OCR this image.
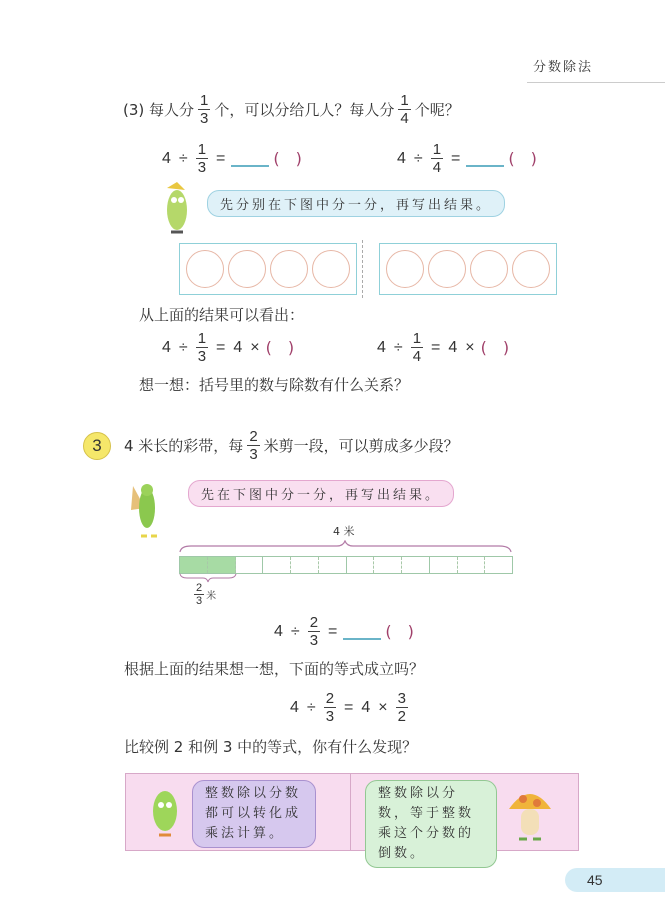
分数除法
(3) 每人分
1
3 个，可以分给几人？每人分
1
4 个呢？
$4 \div \frac{1}{3}$ =	( )	$4 \div \frac{1}{4}$ =	( )
先分别在下图中分一分，再写出结果。
从上面的结果可以看出：
$4 \div \frac{1}{3} = 4$ × ( )	$4 \div \frac{1}{4} = 4$ × ( )
想一想：括号里的数与除数有什么关系？
3	4 米长的彩带，每
2
3 米剪一段，可以剪成多少段？
先在下图中分一分，再写出结果。
4 米
2
3 米
$4 \div \frac{2}{3}$ =	( )
根据上面的结果想一想，下面的等式成立吗？
$4 \div \frac{2}{3} = 4 \times \frac{3}{2}$
比较例 2 和例 3 中的等式，你有什么发现？
整数除以分数都可以转化成乘法计算。
整数除以分数，等于整数乘这个分数的倒数。
45
